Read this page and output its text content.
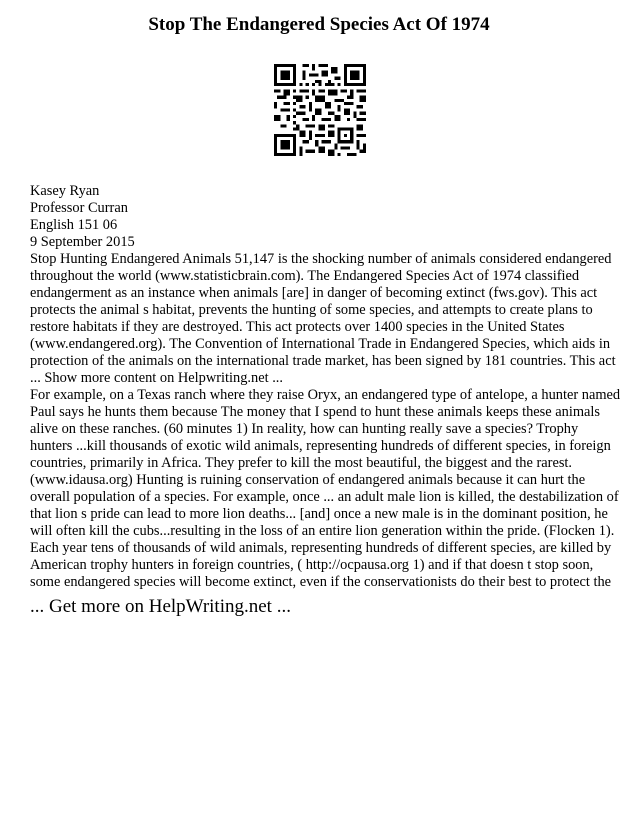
Stop The Endangered Species Act Of 1974
Kasey Ryan
Professor Curran
English 151 06
9 September 2015
Stop Hunting Endangered Animals 51,147 is the shocking number of animals considered endangered
throughout the world (www.statisticbrain.com). The Endangered Species Act of 1974 classified
endangerment as an instance when animals [are] in danger of becoming extinct (fws.gov). This act
protects the animal s habitat, prevents the hunting of some species, and attempts to create plans to
restore habitats if they are destroyed. This act protects over 1400 species in the United States
(www.endangered.org). The Convention of International Trade in Endangered Species, which aids in
protection of the animals on the international trade market, has been signed by 181 countries. This act
... Show more content on Helpwriting.net ...
For example, on a Texas ranch where they raise Oryx, an endangered type of antelope, a hunter named
Paul says he hunts them because The money that I spend to hunt these animals keeps these animals
alive on these ranches. (60 minutes 1) In reality, how can hunting really save a species? Trophy
hunters ...kill thousands of exotic wild animals, representing hundreds of different species, in foreign
countries, primarily in Africa. They prefer to kill the most beautiful, the biggest and the rarest.
(www.idausa.org) Hunting is ruining conservation of endangered animals because it can hurt the
overall population of a species. For example, once ... an adult male lion is killed, the destabilization of
that lion s pride can lead to more lion deaths... [and] once a new male is in the dominant position, he
will often kill the cubs...resulting in the loss of an entire lion generation within the pride. (Flocken 1).
Each year tens of thousands of wild animals, representing hundreds of different species, are killed by
American trophy hunters in foreign countries, ( http://ocpausa.org 1) and if that doesn t stop soon,
some endangered species will become extinct, even if the conservationists do their best to protect the
... Get more on HelpWriting.net ...
